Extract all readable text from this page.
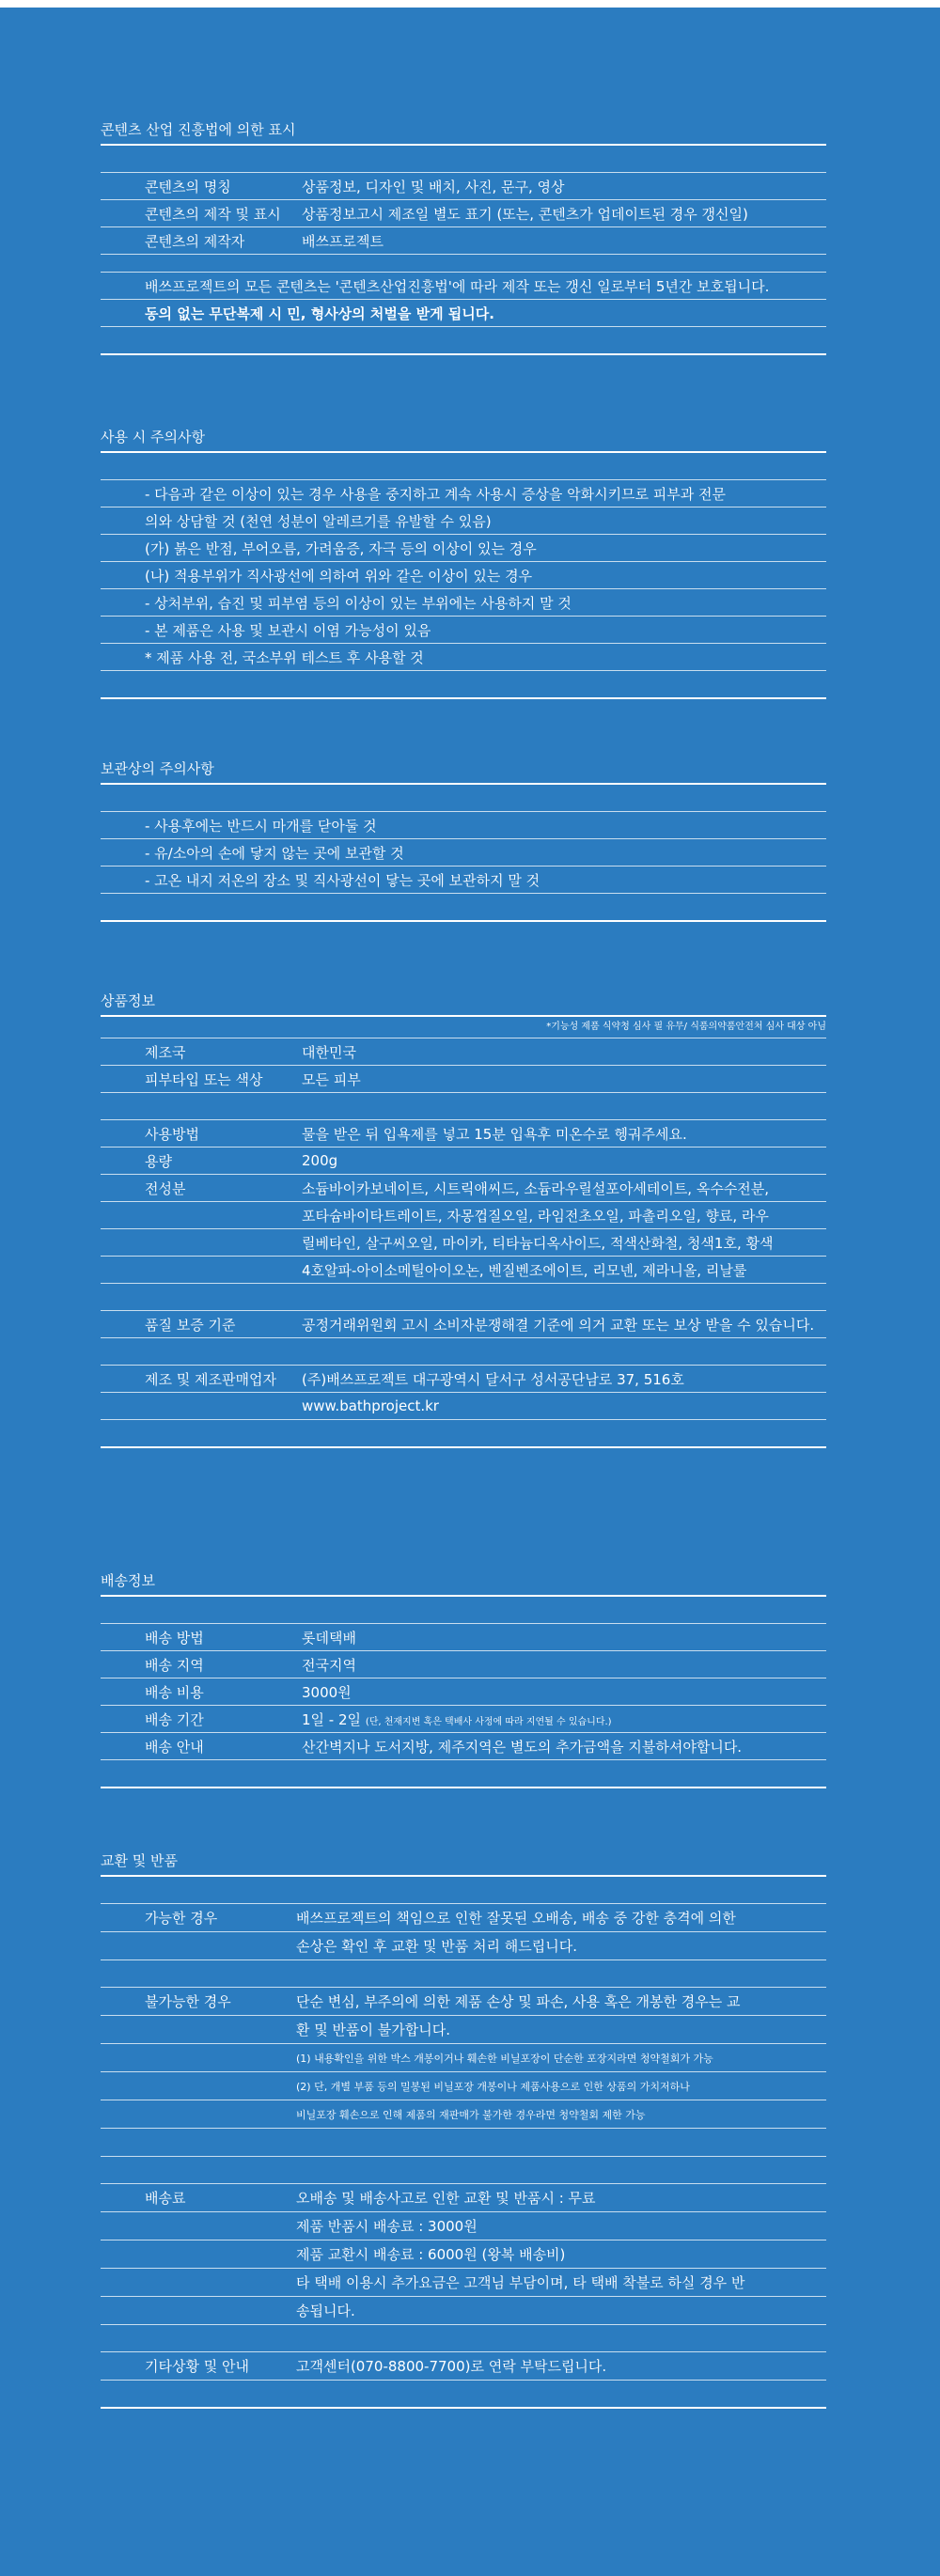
콘텐츠 산업 진흥법에 의한 표시
콘텐츠의 명칭	상품정보, 디자인 및 배치, 사진, 문구, 영상
콘텐츠의 제작 및 표시	상품정보고시 제조일 별도 표기 (또는, 콘텐츠가 업데이트된 경우 갱신일)
콘텐츠의 제작자	배쓰프로젝트
배쓰프로젝트의 모든 콘텐츠는 '콘텐츠산업진흥법'에 따라 제작 또는 갱신 일로부터 5년간 보호됩니다.
동의 없는 무단복제 시 민, 형사상의 처벌을 받게 됩니다.
사용 시 주의사항
- 다음과 같은 이상이 있는 경우 사용을 중지하고 계속 사용시 증상을 악화시키므로 피부과 전문
의와 상담할 것 (천연 성분이 알레르기를 유발할 수 있음)
(가) 붉은 반점, 부어오름, 가려움증, 자극 등의 이상이 있는 경우
(나) 적용부위가 직사광선에 의하여 위와 같은 이상이 있는 경우
- 상처부위, 습진 및 피부염 등의 이상이 있는 부위에는 사용하지 말 것
- 본 제품은 사용 및 보관시 이염 가능성이 있음
* 제품 사용 전, 국소부위 테스트 후 사용할 것
보관상의 주의사항
- 사용후에는 반드시 마개를 닫아둘 것
- 유/소아의 손에 닿지 않는 곳에 보관할 것
- 고온 내지 저온의 장소 및 직사광선이 닿는 곳에 보관하지 말 것
상품정보
*기능성 제품 식약청 심사 필 유무/ 식품의약품안전처 심사 대상 아님
제조국	대한민국
피부타입 또는 색상	모든 피부
사용방법	물을 받은 뒤 입욕제를 넣고 15분 입욕후 미온수로 헹궈주세요.
용량	200g
전성분	소듐바이카보네이트, 시트릭애씨드, 소듐라우릴설포아세테이트, 옥수수전분,
포타슘바이타트레이트, 자몽껍질오일, 라임전초오일, 파촐리오일, 향료, 라우
릴베타인, 살구씨오일, 마이카, 티타늄디옥사이드, 적색산화철, 청색1호, 황색
4호알파-아이소메틸아이오논, 벤질벤조에이트, 리모넨, 제라니올, 리날룰
품질 보증 기준	공정거래위원회 고시 소비자분쟁해결 기준에 의거 교환 또는 보상 받을 수 있습니다.
제조 및 제조판매업자	(주)배쓰프로젝트 대구광역시 달서구 성서공단남로 37, 516호
www.bathproject.kr
배송정보
배송 방법	롯데택배
배송 지역	전국지역
배송 비용	3000원
배송 기간	1일 - 2일 (단, 천재지변 혹은 택배사 사정에 따라 지연될 수 있습니다.)
배송 안내	산간벽지나 도서지방, 제주지역은 별도의 추가금액을 지불하셔야합니다.
교환 및 반품
가능한 경우	배쓰프로젝트의 책임으로 인한 잘못된 오배송, 배송 중 강한 충격에 의한
손상은 확인 후 교환 및 반품 처리 해드립니다.
불가능한 경우	단순 변심, 부주의에 의한 제품 손상 및 파손, 사용 혹은 개봉한 경우는 교
환 및 반품이 불가합니다.
(1) 내용확인을 위한 박스 개봉이거나 훼손한 비닐포장이 단순한 포장지라면 청약철회가 가능
(2) 단, 개별 부품 등의 밀봉된 비닐포장 개봉이나 제품사용으로 인한 상품의 가치저하나
비닐포장 훼손으로 인해 제품의 재판매가 불가한 경우라면 청약철회 제한 가능
배송료	오배송 및 배송사고로 인한 교환 및 반품시 : 무료
제품 반품시 배송료 : 3000원
제품 교환시 배송료 : 6000원 (왕복 배송비)
타 택배 이용시 추가요금은 고객님 부담이며, 타 택배 착불로 하실 경우 반
송됩니다.
기타상황 및 안내	고객센터(070-8800-7700)로 연락 부탁드립니다.
